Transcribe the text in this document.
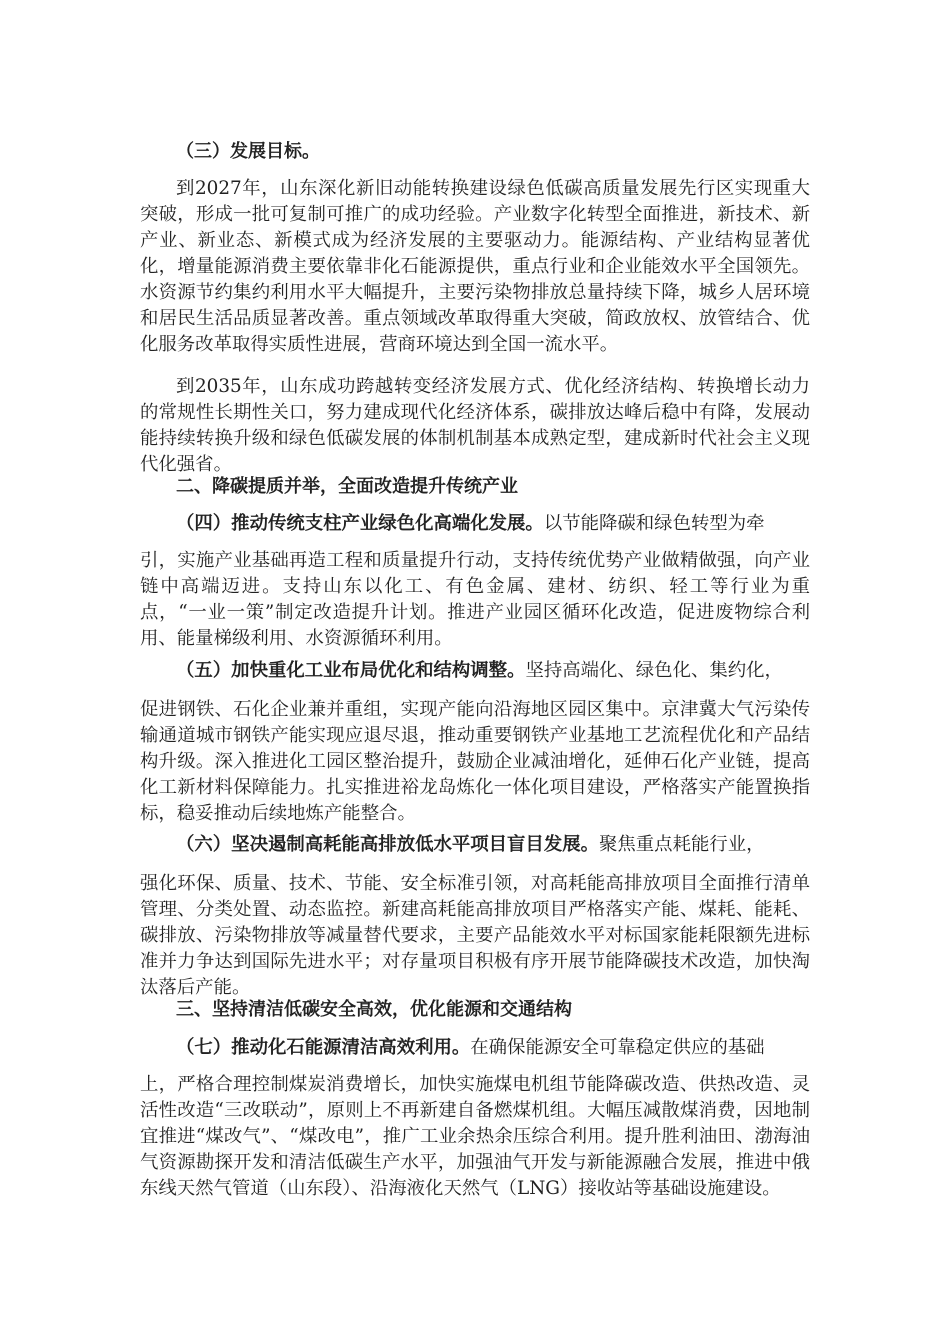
（三）发展目标。
到2027年，山东深化新旧动能转换建设绿色低碳高质量发展先行区实现重大突破，形成一批可复制可推广的成功经验。产业数字化转型全面推进，新技术、新产业、新业态、新模式成为经济发展的主要驱动力。能源结构、产业结构显著优化，增量能源消费主要依靠非化石能源提供，重点行业和企业能效水平全国领先。水资源节约集约利用水平大幅提升，主要污染物排放总量持续下降，城乡人居环境和居民生活品质显著改善。重点领域改革取得重大突破，简政放权、放管结合、优化服务改革取得实质性进展，营商环境达到全国一流水平。
到2035年，山东成功跨越转变经济发展方式、优化经济结构、转换增长动力的常规性长期性关口，努力建成现代化经济体系，碳排放达峰后稳中有降，发展动能持续转换升级和绿色低碳发展的体制机制基本成熟定型，建成新时代社会主义现代化强省。
二、降碳提质并举，全面改造提升传统产业
（四）推动传统支柱产业绿色化高端化发展。以节能降碳和绿色转型为牵
引，实施产业基础再造工程和质量提升行动，支持传统优势产业做精做强，向产业链中高端迈进。支持山东以化工、有色金属、建材、纺织、轻工等行业为重点，“一业一策”制定改造提升计划。推进产业园区循环化改造，促进废物综合利用、能量梯级利用、水资源循环利用。
（五）加快重化工业布局优化和结构调整。坚持高端化、绿色化、集约化，
促进钢铁、石化企业兼并重组，实现产能向沿海地区园区集中。京津冀大气污染传输通道城市钢铁产能实现应退尽退，推动重要钢铁产业基地工艺流程优化和产品结构升级。深入推进化工园区整治提升，鼓励企业减油增化，延伸石化产业链，提高化工新材料保障能力。扎实推进裕龙岛炼化一体化项目建设，严格落实产能置换指标，稳妥推动后续地炼产能整合。
（六）坚决遏制高耗能高排放低水平项目盲目发展。聚焦重点耗能行业，
强化环保、质量、技术、节能、安全标准引领，对高耗能高排放项目全面推行清单管理、分类处置、动态监控。新建高耗能高排放项目严格落实产能、煤耗、能耗、碳排放、污染物排放等减量替代要求，主要产品能效水平对标国家能耗限额先进标准并力争达到国际先进水平；对存量项目积极有序开展节能降碳技术改造，加快淘汰落后产能。
三、坚持清洁低碳安全高效，优化能源和交通结构
（七）推动化石能源清洁高效利用。在确保能源安全可靠稳定供应的基础
上，严格合理控制煤炭消费增长，加快实施煤电机组节能降碳改造、供热改造、灵活性改造“三改联动”，原则上不再新建自备燃煤机组。大幅压减散煤消费，因地制宜推进“煤改气”、“煤改电”，推广工业余热余压综合利用。提升胜利油田、渤海油气资源勘探开发和清洁低碳生产水平，加强油气开发与新能源融合发展，推进中俄东线天然气管道（山东段）、沿海液化天然气（LNG）接收站等基础设施建设。
